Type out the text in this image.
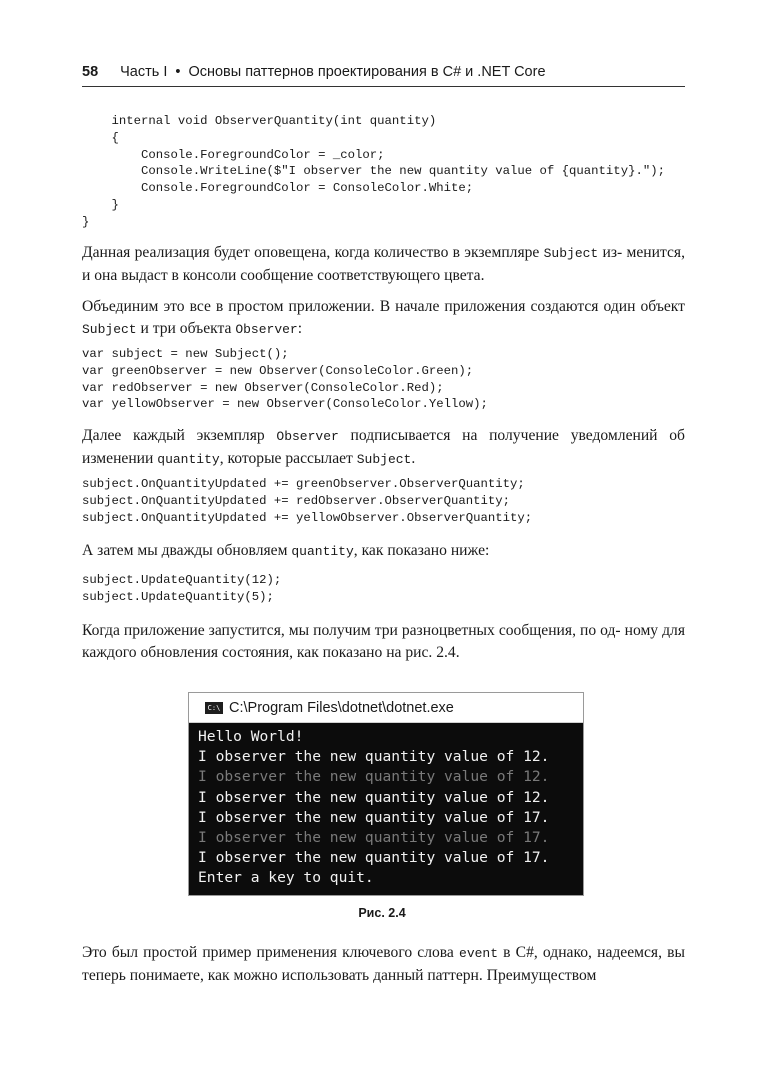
58 Часть I • Основы паттернов проектирования в C# и .NET Core
internal void ObserverQuantity(int quantity)
{
Console.ForegroundColor = _color;
Console.WriteLine($"I observer the new quantity value of {quantity}.");
Console.ForegroundColor = ConsoleColor.White;
}
}

Данная реализация будет оповещена, когда количество в экземпляре Subject из- менится, и она выдаст в консоли сообщение соответствующего цвета.

Объединим это все в простом приложении. В начале приложения создаются один объект Subject и три объекта Observer:

var subject = new Subject();
var greenObserver = new Observer(ConsoleColor.Green);
var redObserver = new Observer(ConsoleColor.Red);
var yellowObserver = new Observer(ConsoleColor.Yellow);

Далее каждый экземпляр Observer подписывается на получение уведомлений об изменении quantity, которые рассылает Subject.

subject.OnQuantityUpdated += greenObserver.ObserverQuantity;
subject.OnQuantityUpdated += redObserver.ObserverQuantity;
subject.OnQuantityUpdated += yellowObserver.ObserverQuantity;

А затем мы дважды обновляем quantity, как показано ниже:

subject.UpdateQuantity(12);
subject.UpdateQuantity(5);

Когда приложение запустится, мы получим три разноцветных сообщения, по од- ному для каждого обновления состояния, как показано на рис. 2.4.

C:\ C:\Program Files\dotnet\dotnet.exe
Hello World!
I observer the new quantity value of 12.
I observer the new quantity value of 12.
I observer the new quantity value of 12.
I observer the new quantity value of 17.
I observer the new quantity value of 17.
I observer the new quantity value of 17.
Enter a key to quit.
Рис. 2.4

Это был простой пример применения ключевого слова event в C#, однако, надеемся, вы теперь понимаете, как можно использовать данный паттерн. Преимуществом
